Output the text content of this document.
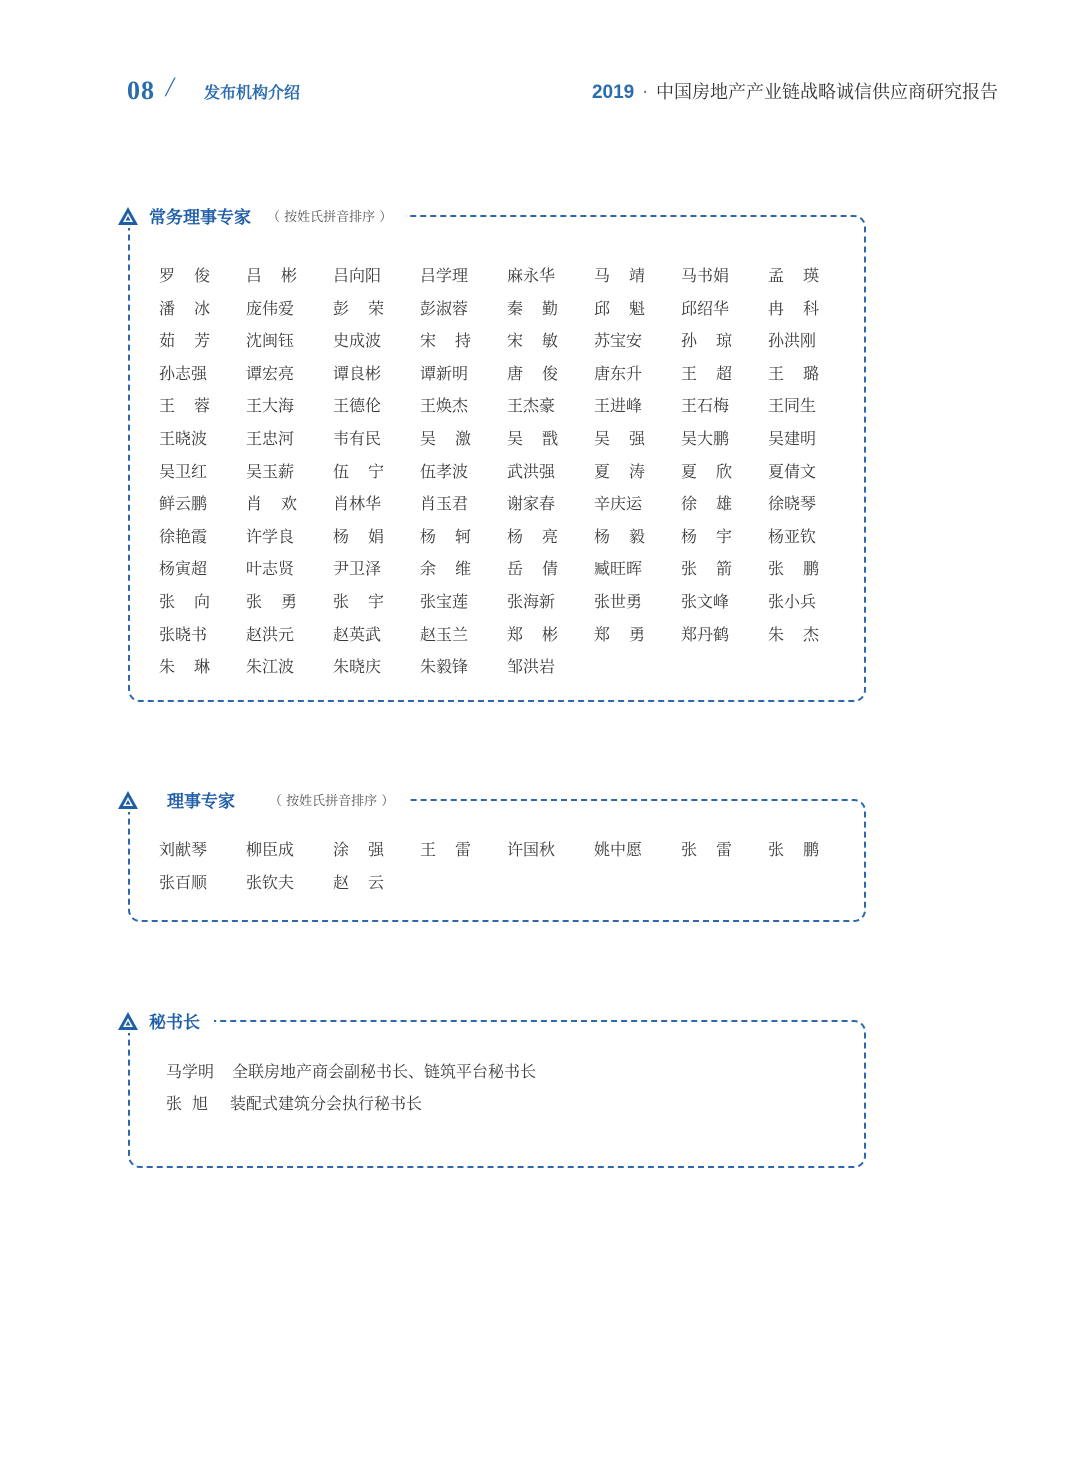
08 / 发布机构介绍	2019 · 中国房地产产业链战略诚信供应商研究报告
常务理事专家 （ 按姓氏拼音排序 ）
罗俊	吕彬	吕向阳	吕学理	麻永华	马靖	马书娟	孟瑛
潘冰	庞伟爱	彭荣	彭淑蓉	秦勤	邱魁	邱绍华	冉科
茹芳	沈闽钰	史成波	宋持	宋敏	苏宝安	孙琼	孙洪刚
孙志强	谭宏亮	谭良彬	谭新明	唐俊	唐东升	王超	王璐
王蓉	王大海	王德伦	王焕杰	王杰豪	王进峰	王石梅	王同生
王晓波	王忠河	韦有民	吴激	吴戬	吴强	吴大鹏	吴建明
吴卫红	吴玉薪	伍宁	伍孝波	武洪强	夏涛	夏欣	夏倩文
鲜云鹏	肖欢	肖林华	肖玉君	谢家春	辛庆运	徐雄	徐晓琴
徐艳霞	许学良	杨娟	杨轲	杨亮	杨毅	杨宇	杨亚钦
杨寅超	叶志贤	尹卫泽	余维	岳倩	臧旺晖	张箭	张鹏
张向	张勇	张宇	张宝莲	张海新	张世勇	张文峰	张小兵
张晓书	赵洪元	赵英武	赵玉兰	郑彬	郑勇	郑丹鹤	朱杰
朱琳	朱江波	朱晓庆	朱毅锋	邹洪岩
理事专家	（ 按姓氏拼音排序 ）
刘献琴	柳臣成	涂强	王雷	许国秋	姚中愿	张雷	张鹏
张百顺	张钦夫	赵云
秘书长
马学明	全联房地产商会副秘书长、链筑平台秘书长
张旭 装配式建筑分会执行秘书长
